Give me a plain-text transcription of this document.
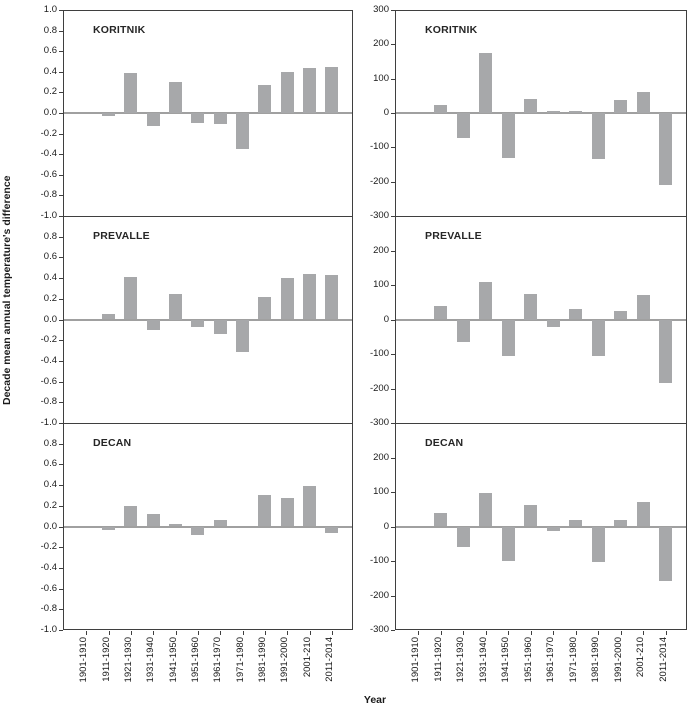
Decade mean annual temperature's difference
KORITNIK
1.0
0.8
0.6
0.4
0.2
0.0
-0.2
-0.4
-0.6
-0.8
-1.0
PREVALLE
0.8
0.6
0.4
0.2
0.0
-0.2
-0.4
-0.6
-0.8
-1.0
DECAN
0.8
0.6
0.4
0.2
0.0
-0.2
-0.4
-0.6
-0.8
-1.0
1901-1910 1911-1920 1921-1930 1931-1940 1941-1950 1951-1960 1961-1970 1971-1980 1981-1990 1991-2000 2001-210 2011-2014
KORITNIK
300
200
100
0
-100
-200
-300
PREVALLE
200
100
0
-100
-200
-300
DECAN
200
100
0
-100
-200
-300
1901-1910 1911-1920 1921-1930 1931-1940 1941-1950 1951-1960 1961-1970 1971-1980 1981-1990 1991-2000 2001-210 2011-2014
Year
